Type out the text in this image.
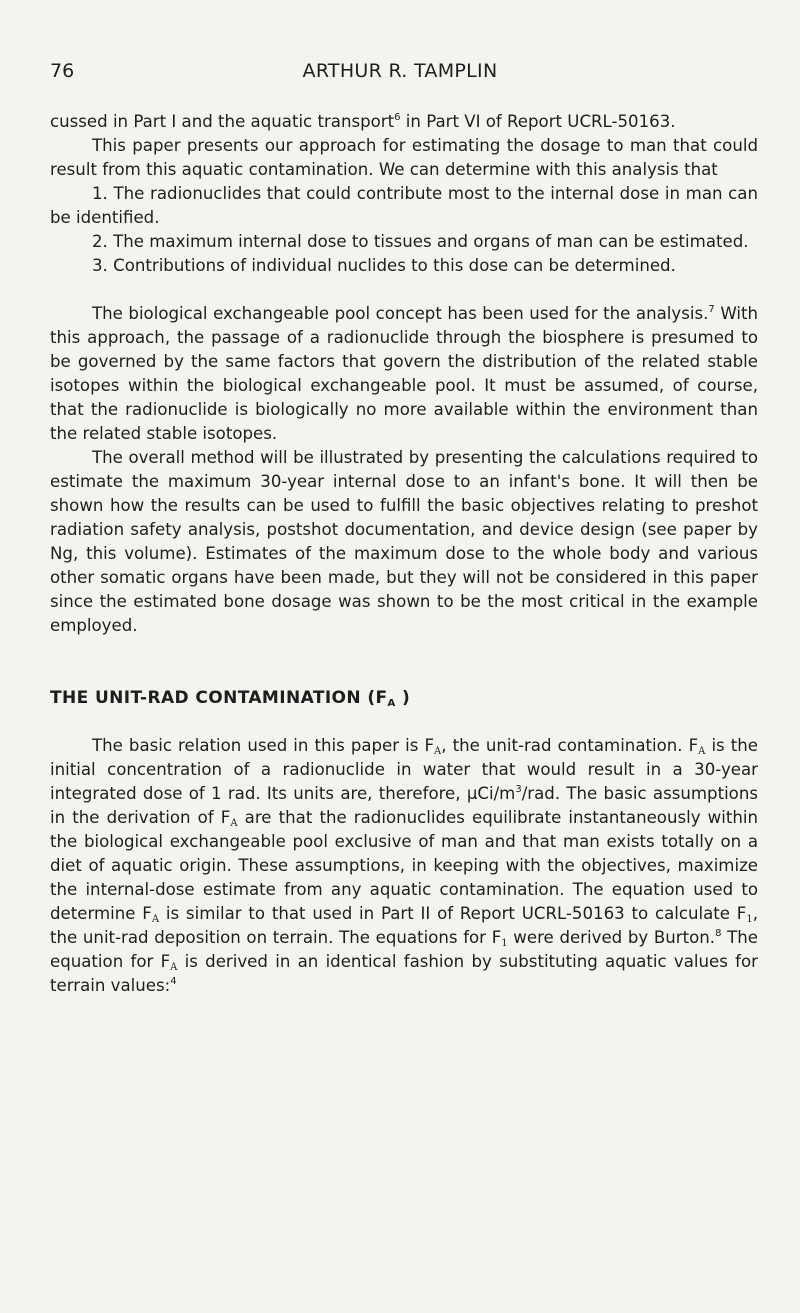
76	ARTHUR R. TAMPLIN

cussed in Part I and the aquatic transport$^6$ in Part VI of Report UCRL-50163.

This paper presents our approach for estimating the dosage to man that could result from this aquatic contamination. We can determine with this analysis that

1. The radionuclides that could contribute most to the internal dose in man can be identified.

2. The maximum internal dose to tissues and organs of man can be estimated.

3. Contributions of individual nuclides to this dose can be determined.

The biological exchangeable pool concept has been used for the analysis.$^7$ With this approach, the passage of a radionuclide through the biosphere is presumed to be governed by the same factors that govern the distribution of the related stable isotopes within the biological exchangeable pool. It must be assumed, of course, that the radionuclide is biologically no more available within the environment than the related stable isotopes.

The overall method will be illustrated by presenting the calculations required to estimate the maximum 30-year internal dose to an infant's bone. It will then be shown how the results can be used to fulfill the basic objectives relating to preshot radiation safety analysis, postshot documentation, and device design (see paper by Ng, this volume). Estimates of the maximum dose to the whole body and various other somatic organs have been made, but they will not be considered in this paper since the estimated bone dosage was shown to be the most critical in the example employed.

THE UNIT-RAD CONTAMINATION ($F_A$ )

The basic relation used in this paper is $F_A$, the unit-rad contamination. $F_A$ is the initial concentration of a radionuclide in water that would result in a 30-year integrated dose of 1 rad. Its units are, therefore, μCi/$m^3$/rad. The basic assumptions in the derivation of $F_A$ are that the radionuclides equilibrate instantaneously within the biological exchangeable pool exclusive of man and that man exists totally on a diet of aquatic origin. These assumptions, in keeping with the objectives, maximize the internal-dose estimate from any aquatic contamination. The equation used to determine $F_A$ is similar to that used in Part II of Report UCRL-50163 to calculate $F_1$, the unit-rad deposition on terrain. The equations for $F_1$ were derived by Burton.$^8$ The equation for $F_A$ is derived in an identical fashion by substituting aquatic values for terrain values:$^4$
